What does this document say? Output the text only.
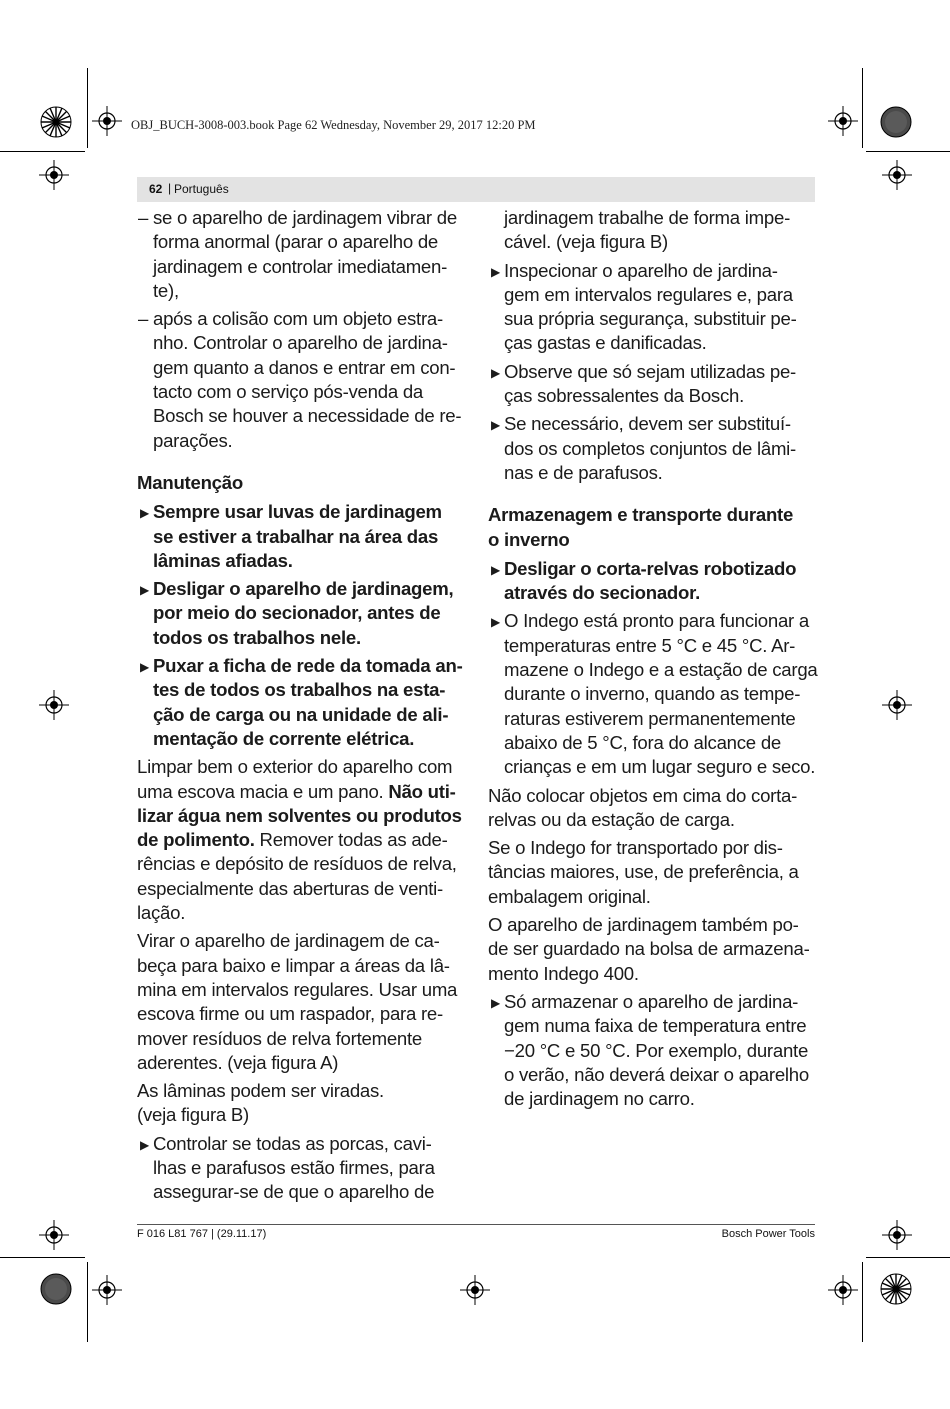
OBJ_BUCH-3008-003.book Page 62 Wednesday, November 29, 2017 12:20 PM
62 | Português
– se o aparelho de jardinagem vibrar de
forma anormal (parar o aparelho de
jardinagem e controlar imediatamen-
te),
– após a colisão com um objeto estra-
nho. Controlar o aparelho de jardina-
gem quanto a danos e entrar em con-
tacto com o serviço pós-venda da
Bosch se houver a necessidade de re-
parações.
Manutenção
▶ Sempre usar luvas de jardinagem
se estiver a trabalhar na área das
lâminas afiadas.
▶ Desligar o aparelho de jardinagem,
por meio do secionador, antes de
todos os trabalhos nele.
▶ Puxar a ficha de rede da tomada an-
tes de todos os trabalhos na esta-
ção de carga ou na unidade de ali-
mentação de corrente elétrica.
Limpar bem o exterior do aparelho com
uma escova macia e um pano. Não uti-
lizar água nem solventes ou produtos
de polimento. Remover todas as ade-
rências e depósito de resíduos de relva,
especialmente das aberturas de venti-
lação.
Virar o aparelho de jardinagem de ca-
beça para baixo e limpar a áreas da lâ-
mina em intervalos regulares. Usar uma
escova firme ou um raspador, para re-
mover resíduos de relva fortemente
aderentes. (veja figura A)
As lâminas podem ser viradas.
(veja figura B)
▶ Controlar se todas as porcas, cavi-
lhas e parafusos estão firmes, para
assegurar-se de que o aparelho de
jardinagem trabalhe de forma impe-
cável. (veja figura B)
▶ Inspecionar o aparelho de jardina-
gem em intervalos regulares e, para
sua própria segurança, substituir pe-
ças gastas e danificadas.
▶ Observe que só sejam utilizadas pe-
ças sobressalentes da Bosch.
▶ Se necessário, devem ser substituí-
dos os completos conjuntos de lâmi-
nas e de parafusos.
Armazenagem e transporte durante
o inverno
▶ Desligar o corta-relvas robotizado
através do secionador.
▶ O Indego está pronto para funcionar a
temperaturas entre 5 °C e 45 °C. Ar-
mazene o Indego e a estação de carga
durante o inverno, quando as tempe-
raturas estiverem permanentemente
abaixo de 5 °C, fora do alcance de
crianças e em um lugar seguro e seco.
Não colocar objetos em cima do corta-
relvas ou da estação de carga.
Se o Indego for transportado por dis-
tâncias maiores, use, de preferência, a
embalagem original.
O aparelho de jardinagem também po-
de ser guardado na bolsa de armazena-
mento Indego 400.
▶ Só armazenar o aparelho de jardina-
gem numa faixa de temperatura entre
−20 °C e 50 °C. Por exemplo, durante
o verão, não deverá deixar o aparelho
de jardinagem no carro.
F 016 L81 767 | (29.11.17)	Bosch Power Tools
